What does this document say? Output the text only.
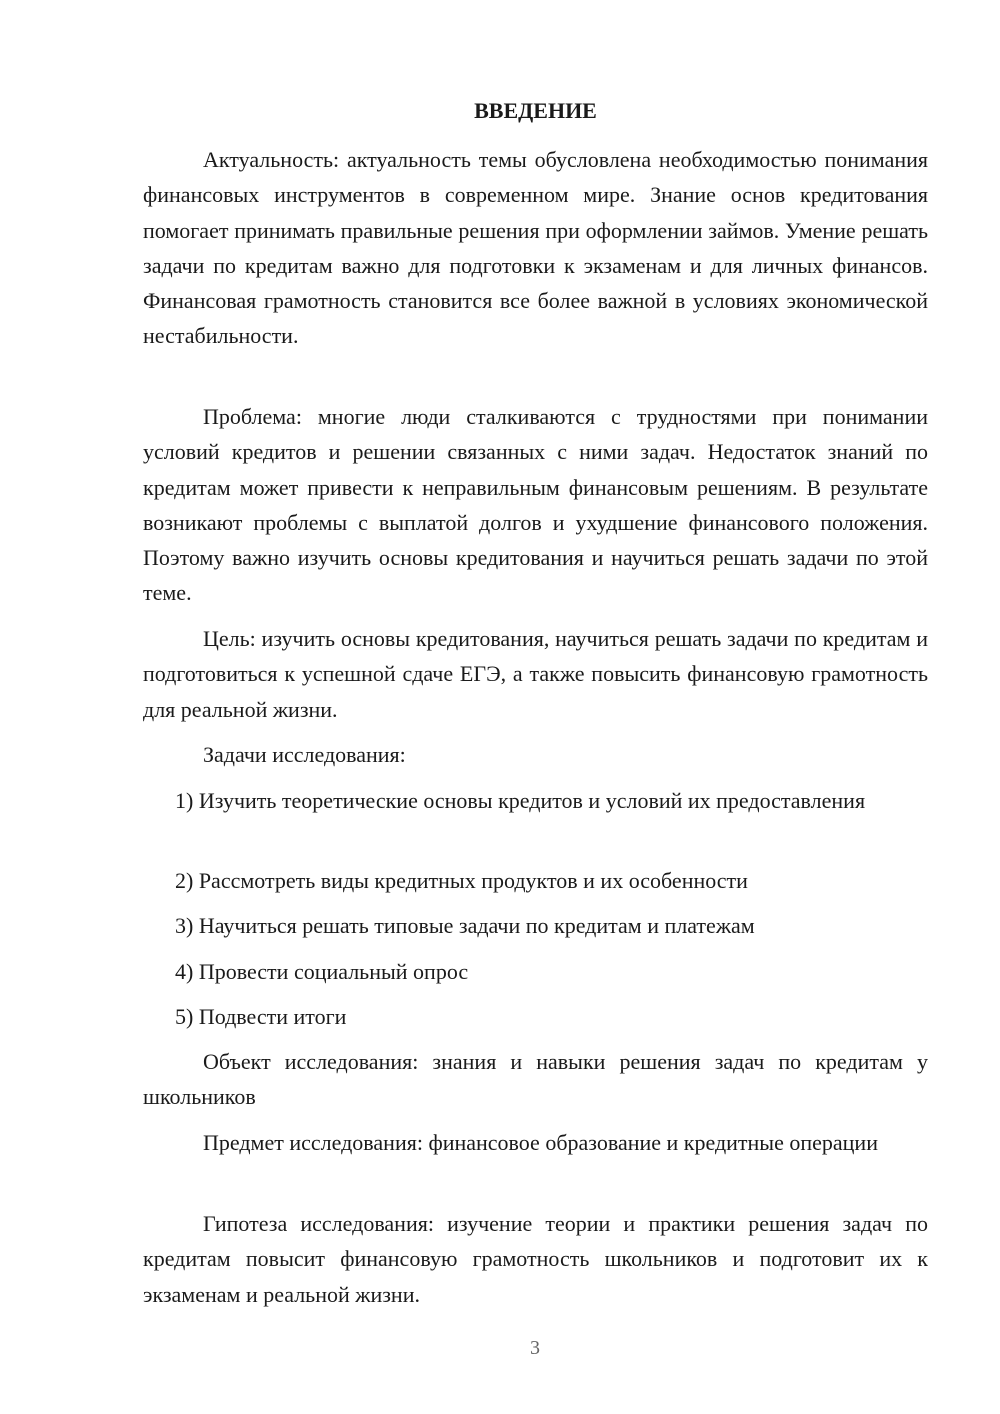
ВВЕДЕНИЕ

Актуальность: актуальность темы обусловлена необходимостью понимания финансовых инструментов в современном мире. Знание основ кредитования помогает принимать правильные решения при оформлении займов. Умение решать задачи по кредитам важно для подготовки к экзаменам и для личных финансов. Финансовая грамотность становится все более важной в условиях экономической нестабильности.

Проблема: многие люди сталкиваются с трудностями при понимании условий кредитов и решении связанных с ними задач. Недостаток знаний по кредитам может привести к неправильным финансовым решениям. В результате возникают проблемы с выплатой долгов и ухудшение финансового положения. Поэтому важно изучить основы кредитования и научиться решать задачи по этой теме.

Цель: изучить основы кредитования, научиться решать задачи по кредитам и подготовиться к успешной сдаче ЕГЭ, а также повысить финансовую грамотность для реальной жизни.

Задачи исследования:

1) Изучить теоретические основы кредитов и условий их предоставления

2) Рассмотреть виды кредитных продуктов и их особенности

3) Научиться решать типовые задачи по кредитам и платежам

4) Провести социальный опрос

5) Подвести итоги

Объект исследования: знания и навыки решения задач по кредитам у школьников

Предмет исследования: финансовое образование и кредитные операции

Гипотеза исследования: изучение теории и практики решения задач по кредитам повысит финансовую грамотность школьников и подготовит их к экзаменам и реальной жизни.

3
